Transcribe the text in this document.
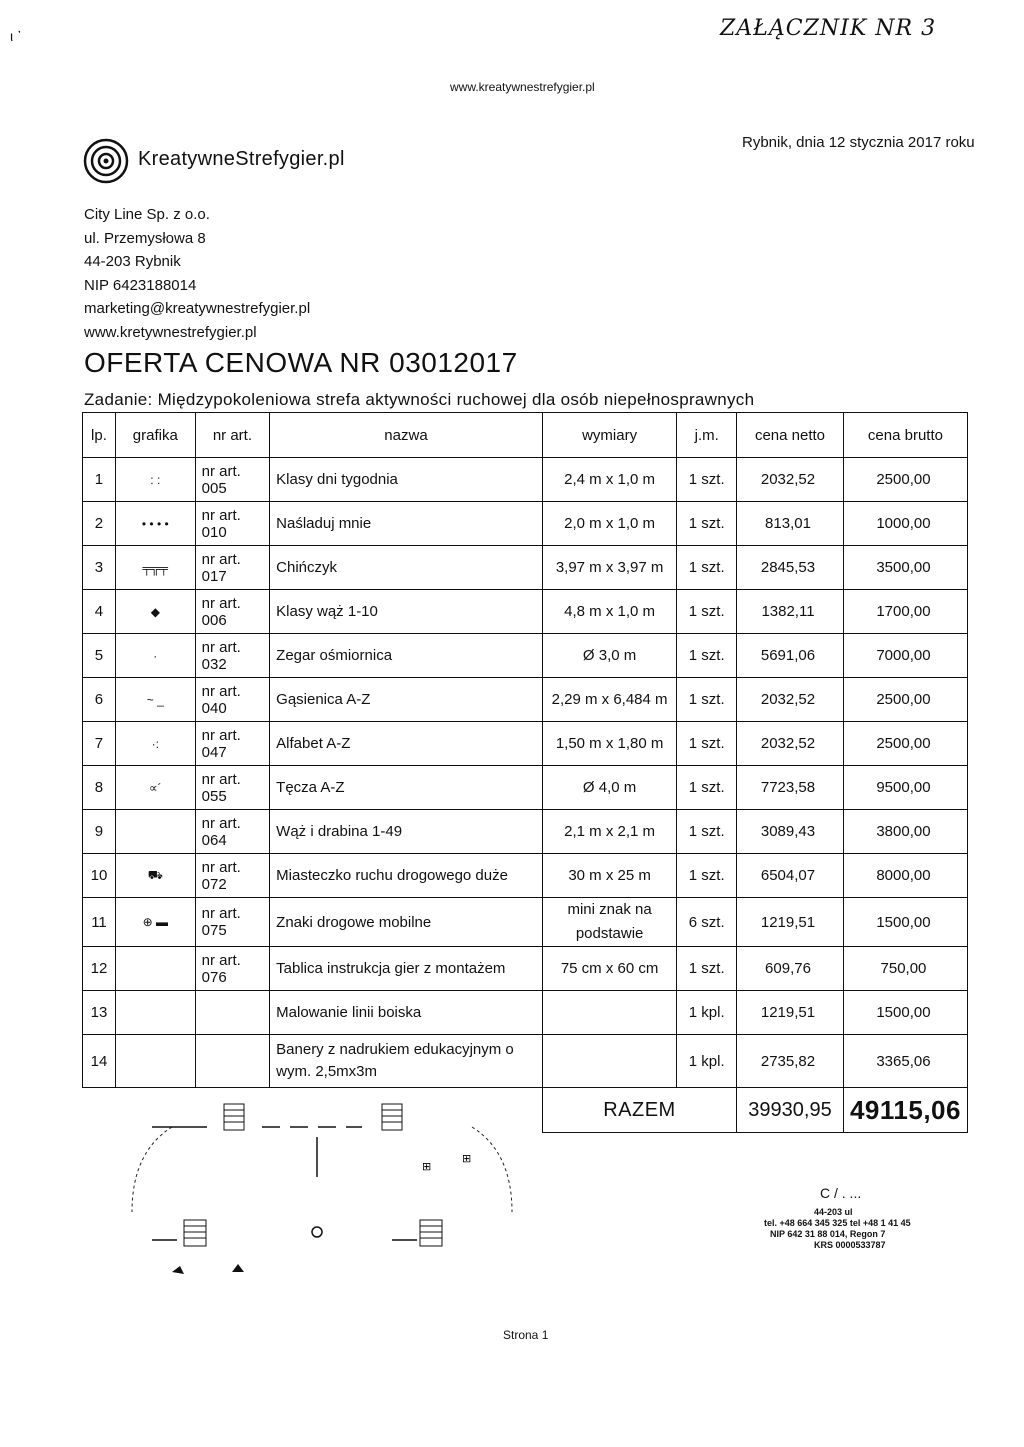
ZAŁĄCZNIK NR 3
ι ᾿
www.kreatywnestrefygier.pl
KreatywneStrefygier.pl
Rybnik, dnia 12 stycznia 2017 roku
City Line Sp. z o.o.
ul. Przemysłowa 8
44-203 Rybnik
NIP 6423188014
marketing@kreatywnestrefygier.pl
www.kretywnestrefygier.pl
OFERTA CENOWA NR 03012017
Zadanie: Międzypokoleniowa strefa aktywności ruchowej dla osób niepełnosprawnych
lp.	grafika	nr art.	nazwa	wymiary	j.m.	cena netto	cena brutto
1	: :	nr art. 005	Klasy dni tygodnia	2,4 m x 1,0 m	1 szt.	2032,52	2500,00
2	• • • •	nr art. 010	Naśladuj mnie	2,0 m x 1,0 m	1 szt.	813,01	1000,00
3	╤╦╤	nr art. 017	Chińczyk	3,97 m x 3,97 m	1 szt.	2845,53	3500,00
4	◆	nr art. 006	Klasy wąż 1-10	4,8 m x 1,0 m	1 szt.	1382,11	1700,00
5	·	nr art. 032	Zegar ośmiornica	Ø 3,0 m	1 szt.	5691,06	7000,00
6	~ _	nr art. 040	Gąsienica A-Z	2,29 m x 6,484 m	1 szt.	2032,52	2500,00
7	·:	nr art. 047	Alfabet A-Z	1,50 m x 1,80 m	1 szt.	2032,52	2500,00
8	∝´	nr art. 055	Tęcza A-Z	Ø 4,0 m	1 szt.	7723,58	9500,00
9		nr art. 064	Wąż i drabina 1-49	2,1 m x 2,1 m	1 szt.	3089,43	3800,00
10	⛟	nr art. 072	Miasteczko ruchu drogowego duże	30 m x 25 m	1 szt.	6504,07	8000,00
11	⊕ ▬	nr art. 075	Znaki drogowe mobilne	mini znak na podstawie	6 szt.	1219,51	1500,00
12		nr art. 076	Tablica instrukcja gier z montażem	75 cm x 60 cm	1 szt.	609,76	750,00
13			Malowanie linii boiska		1 kpl.	1219,51	1500,00
14			Banery z nadrukiem edukacyjnym o wym. 2,5mx3m		1 kpl.	2735,82	3365,06
				RAZEM		39930,95	49115,06
⊞
⊞
C / . ...
44-203 ul
tel. +48 664 345 325 tel +48 1 41 45
NIP 642 31 88 014, Regon 7
KRS 0000533787
Strona 1
